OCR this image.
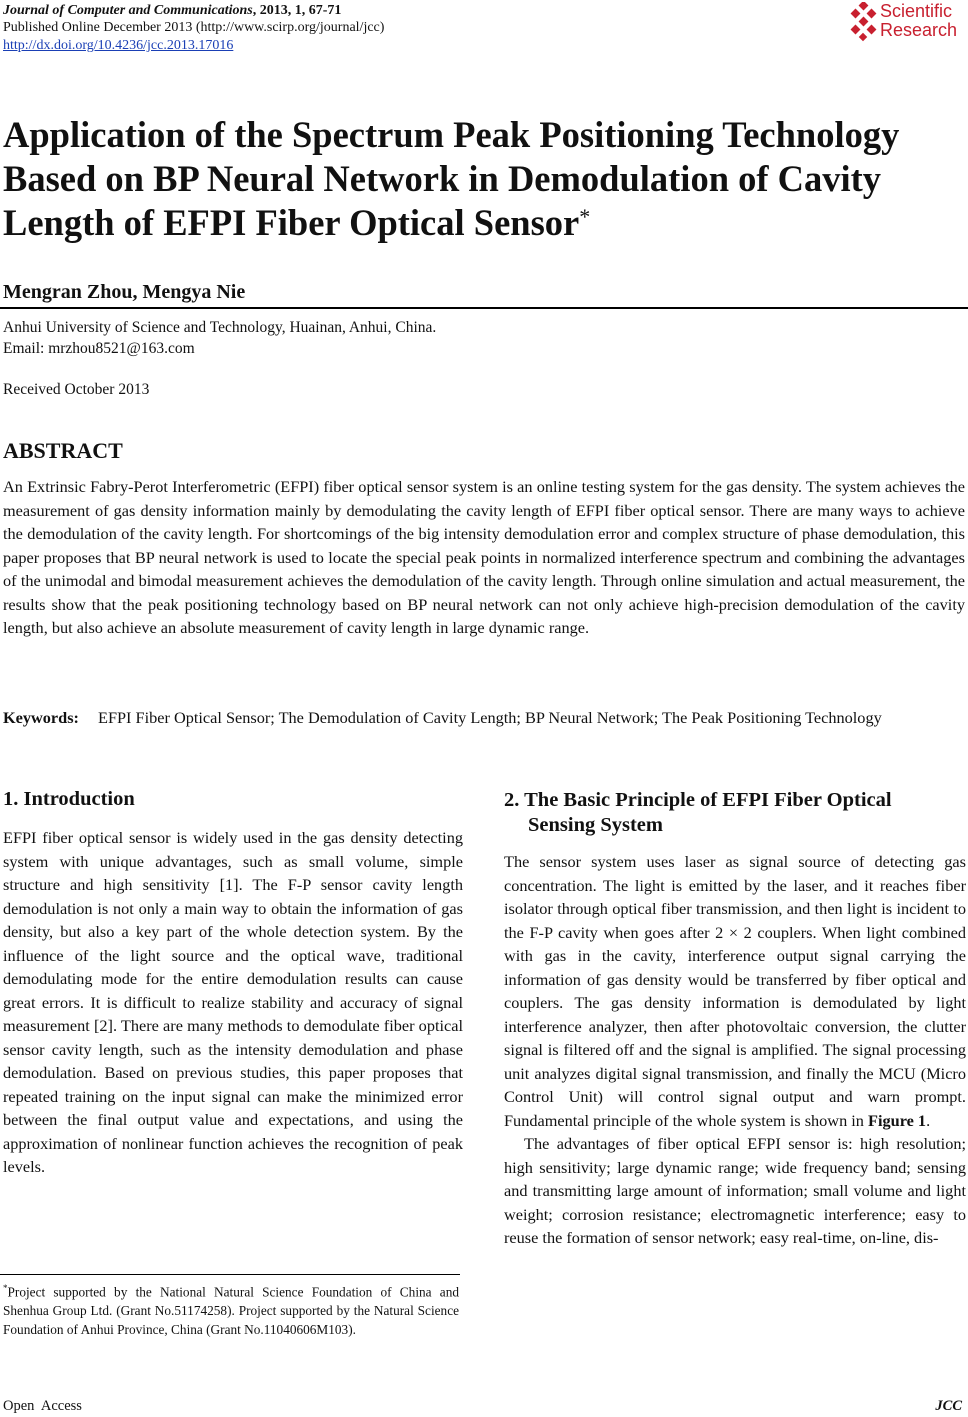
Journal of Computer and Communications, 2013, 1, 67-71
Published Online December 2013 (http://www.scirp.org/journal/jcc)
http://dx.doi.org/10.4236/jcc.2013.17016
Scientific
Research
Application of the Spectrum Peak Positioning Technology Based on BP Neural Network in Demodulation of Cavity Length of EFPI Fiber Optical Sensor*
Mengran Zhou, Mengya Nie
Anhui University of Science and Technology, Huainan, Anhui, China.
Email: mrzhou8521@163.com
Received October 2013
ABSTRACT
An Extrinsic Fabry-Perot Interferometric (EFPI) fiber optical sensor system is an online testing system for the gas density. The system achieves the measurement of gas density information mainly by demodulating the cavity length of EFPI fiber optical sensor. There are many ways to achieve the demodulation of the cavity length. For shortcomings of the big intensity demodulation error and complex structure of phase demodulation, this paper proposes that BP neural network is used to locate the special peak points in normalized interference spectrum and combining the advantages of the unimodal and bimodal measurement achieves the demodulation of the cavity length. Through online simulation and actual measurement, the results show that the peak positioning technology based on BP neural network can not only achieve high-precision demodulation of the cavity length, but also achieve an absolute measurement of cavity length in large dynamic range.
Keywords:	EFPI Fiber Optical Sensor; The Demodulation of Cavity Length; BP Neural Network; The Peak Positioning Technology
1. Introduction
EFPI fiber optical sensor is widely used in the gas density detecting system with unique advantages, such as small volume, simple structure and high sensitivity [1]. The F-P sensor cavity length demodulation is not only a main way to obtain the information of gas density, but also a key part of the whole detection system. By the influence of the light source and the optical wave, traditional demodulating mode for the entire demodulation results can cause great errors. It is difficult to realize stability and accuracy of signal measurement [2]. There are many methods to demodulate fiber optical sensor cavity length, such as the intensity demodulation and phase demodulation. Based on previous studies, this paper proposes that repeated training on the input signal can make the minimized error between the final output value and expectations, and using the approximation of nonlinear function achieves the recognition of peak levels.
2. The Basic Principle of EFPI Fiber Optical
Sensing System
The sensor system uses laser as signal source of detecting gas concentration. The light is emitted by the laser, and it reaches fiber isolator through optical fiber transmission, and then light is incident to the F-P cavity when goes after 2 × 2 couplers. When light combined with gas in the cavity, interference output signal carrying the information of gas density would be transferred by fiber optical and couplers. The gas density information is demodulated by light interference analyzer, then after photovoltaic conversion, the clutter signal is filtered off and the signal is amplified. The signal processing unit analyzes digital signal transmission, and finally the MCU (Micro Control Unit) will control signal output and warn prompt. Fundamental principle of the whole system is shown in Figure 1.
The advantages of fiber optical EFPI sensor is: high resolution; high sensitivity; large dynamic range; wide frequency band; sensing and transmitting large amount of information; small volume and light weight; corrosion resistance; electromagnetic interference; easy to reuse the formation of sensor network; easy real-time, on-line, dis-
*Project supported by the National Natural Science Foundation of China and Shenhua Group Ltd. (Grant No.51174258). Project supported by the Natural Science Foundation of Anhui Province, China (Grant No.11040606M103).
Open  Access	JCC
